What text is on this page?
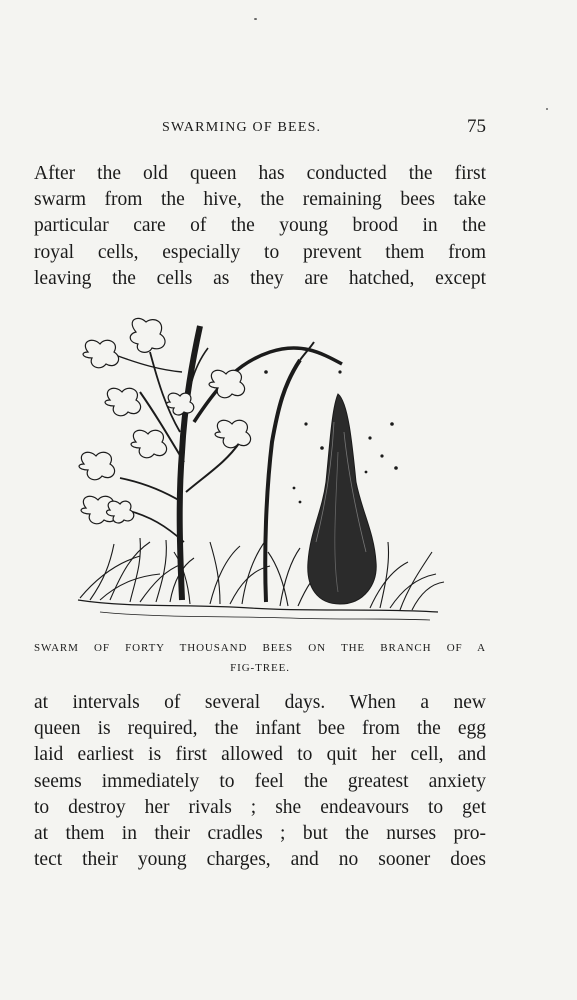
SWARMING OF BEES.	75
After the old queen has conducted the first
swarm from the hive, the remaining bees take
particular care of the young brood in the
royal cells, especially to prevent them from
leaving the cells as they are hatched, except
SWARM OF FORTY THOUSAND BEES ON THE BRANCH OF A
FIG-TREE.
at intervals of several days. When a new
queen is required, the infant bee from the egg
laid earliest is first allowed to quit her cell, and
seems immediately to feel the greatest anxiety
to destroy her rivals ; she endeavours to get
at them in their cradles ; but the nurses pro-
tect their young charges, and no sooner does
